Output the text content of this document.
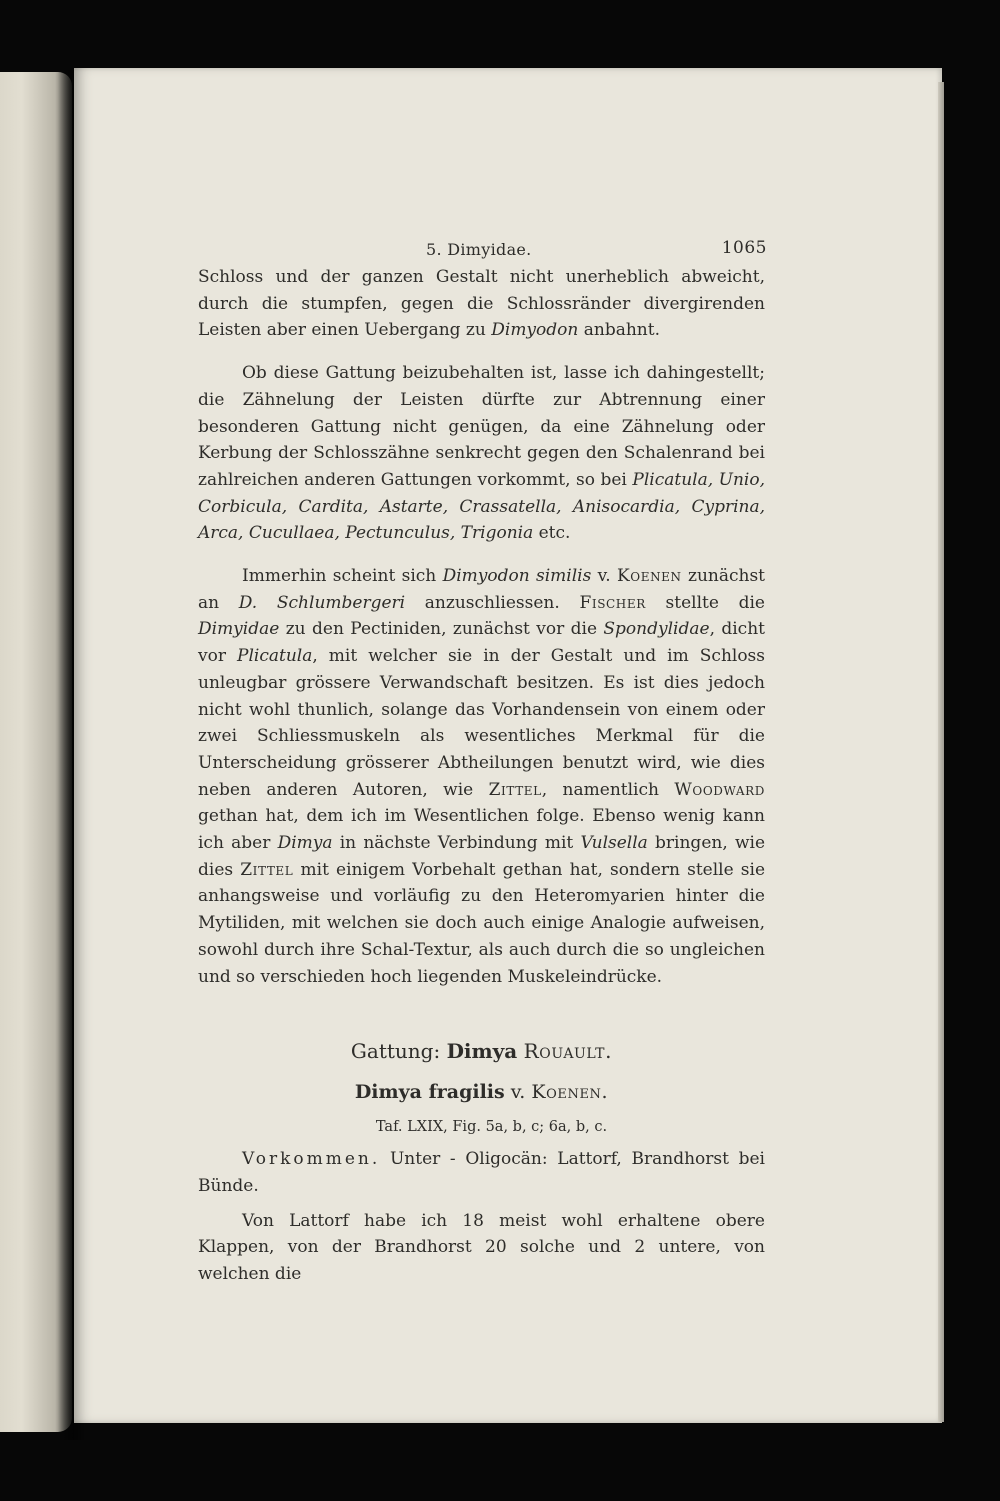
5. Dimyidae.	1065

Schloss und der ganzen Gestalt nicht unerheblich abweicht, durch die stumpfen, gegen die Schlossränder divergirenden Leisten aber einen Uebergang zu Dimyodon anbahnt.

Ob diese Gattung beizubehalten ist, lasse ich dahingestellt; die Zähnelung der Leisten dürfte zur Abtrennung einer besonderen Gattung nicht genügen, da eine Zähnelung oder Kerbung der Schlosszähne senkrecht gegen den Schalenrand bei zahlreichen anderen Gattungen vorkommt, so bei Plicatula, Unio, Corbicula, Cardita, Astarte, Crassatella, Anisocardia, Cyprina, Arca, Cucullaea, Pectunculus, Trigonia etc.

Immerhin scheint sich Dimyodon similis v. Koenen zunächst an D. Schlumbergeri anzuschliessen. Fischer stellte die Dimyidae zu den Pectiniden, zunächst vor die Spondylidae, dicht vor Plicatula, mit welcher sie in der Gestalt und im Schloss unleugbar grössere Verwandschaft besitzen. Es ist dies jedoch nicht wohl thunlich, solange das Vorhandensein von einem oder zwei Schliessmuskeln als wesentliches Merkmal für die Unterscheidung grösserer Abtheilungen benutzt wird, wie dies neben anderen Autoren, wie Zittel, namentlich Woodward gethan hat, dem ich im Wesentlichen folge. Ebenso wenig kann ich aber Dimya in nächste Verbindung mit Vulsella bringen, wie dies Zittel mit einigem Vorbehalt gethan hat, sondern stelle sie anhangsweise und vorläufig zu den Heteromyarien hinter die Mytiliden, mit welchen sie doch auch einige Analogie aufweisen, sowohl durch ihre Schal-Textur, als auch durch die so ungleichen und so verschieden hoch liegenden Muskeleindrücke.

Gattung: Dimya Rouault.
Dimya fragilis v. Koenen.
Taf. LXIX, Fig. 5a, b, c; 6a, b, c.

Vorkommen. Unter - Oligocän: Lattorf, Brandhorst bei Bünde.

Von Lattorf habe ich 18 meist wohl erhaltene obere Klappen, von der Brandhorst 20 solche und 2 untere, von welchen die
